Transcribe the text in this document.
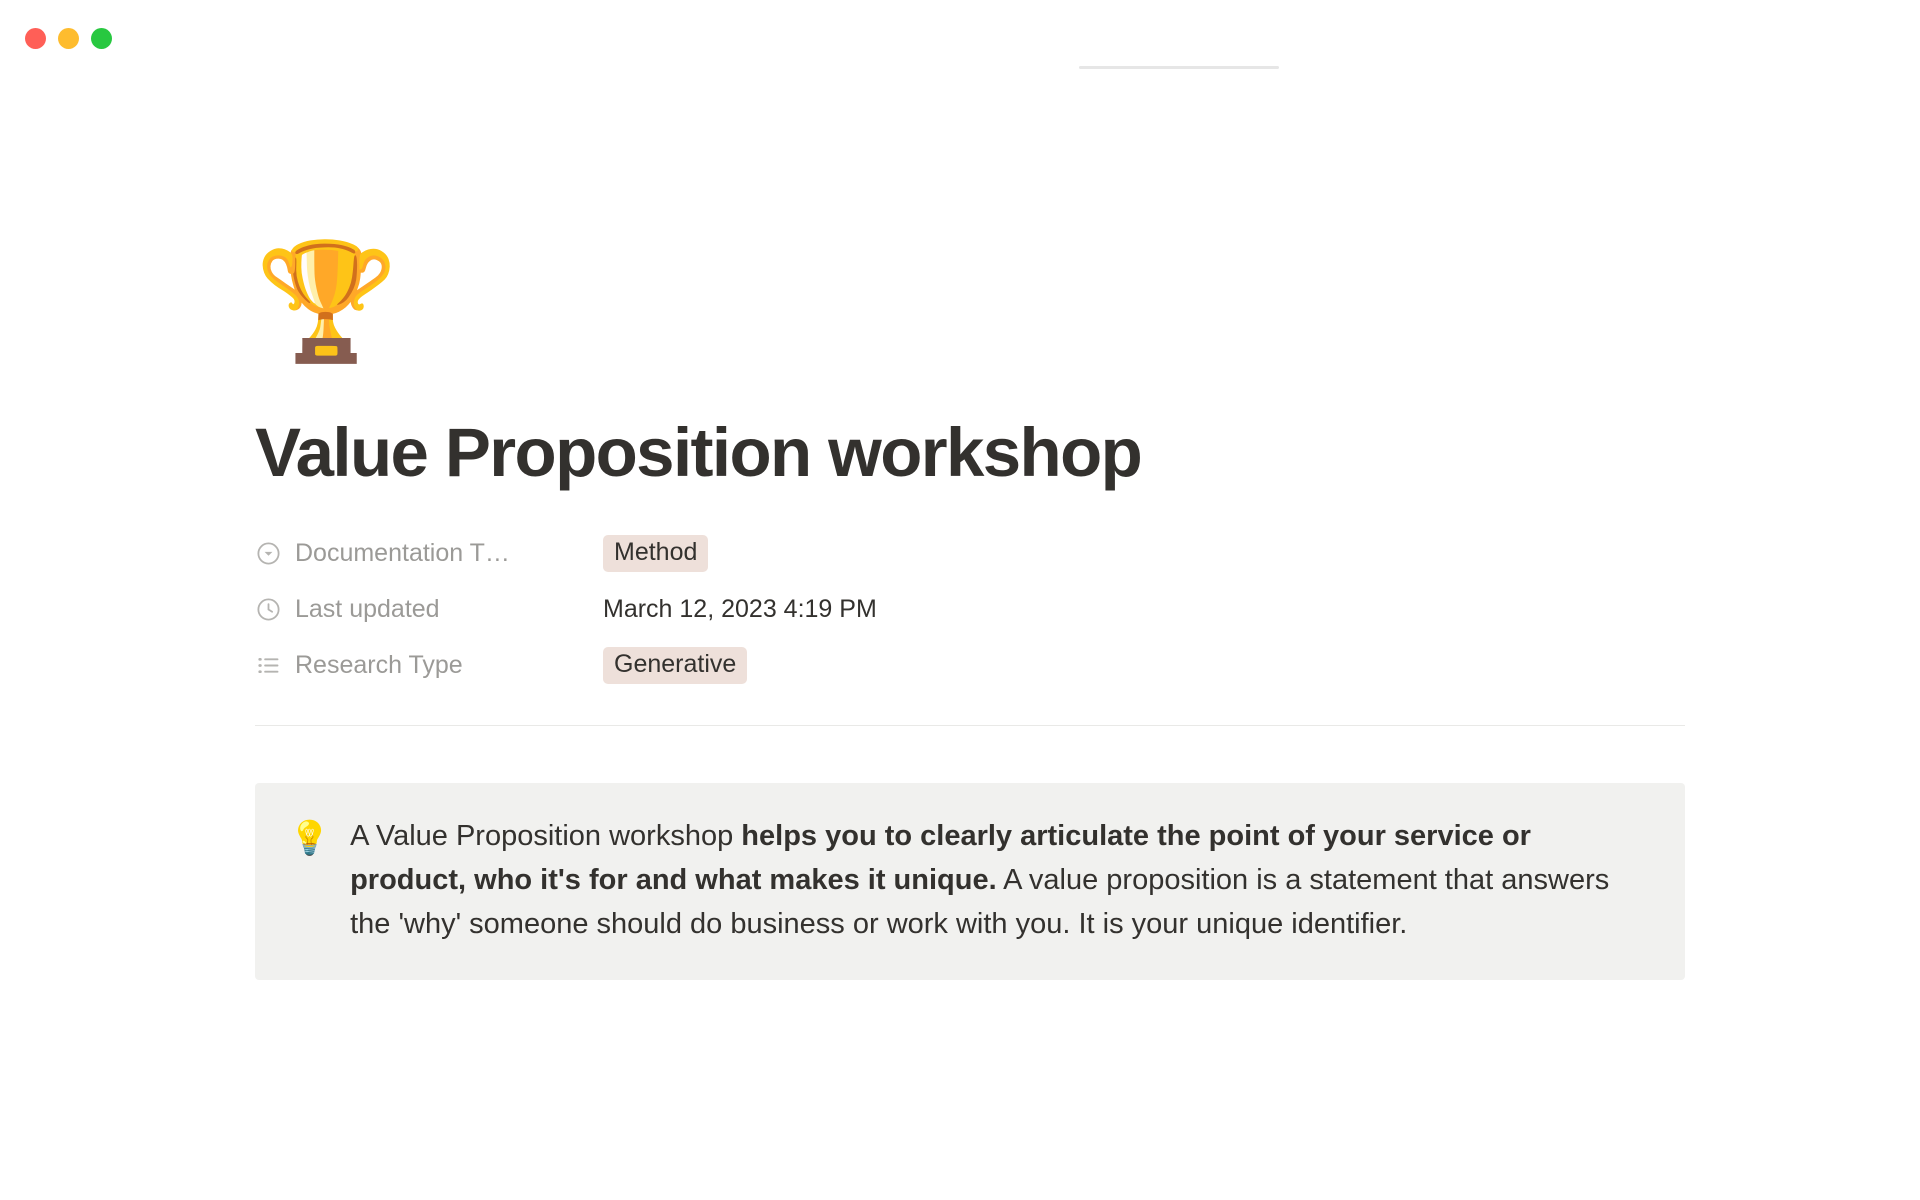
🏆
Value Proposition workshop
Documentation T…	Method
Last updated	March 12, 2023 4:19 PM
Research Type	Generative
💡 A Value Proposition workshop helps you to clearly articulate the point of your service or product, who it's for and what makes it unique. A value proposition is a statement that answers the 'why' someone should do business or work with you. It is your unique identifier.
